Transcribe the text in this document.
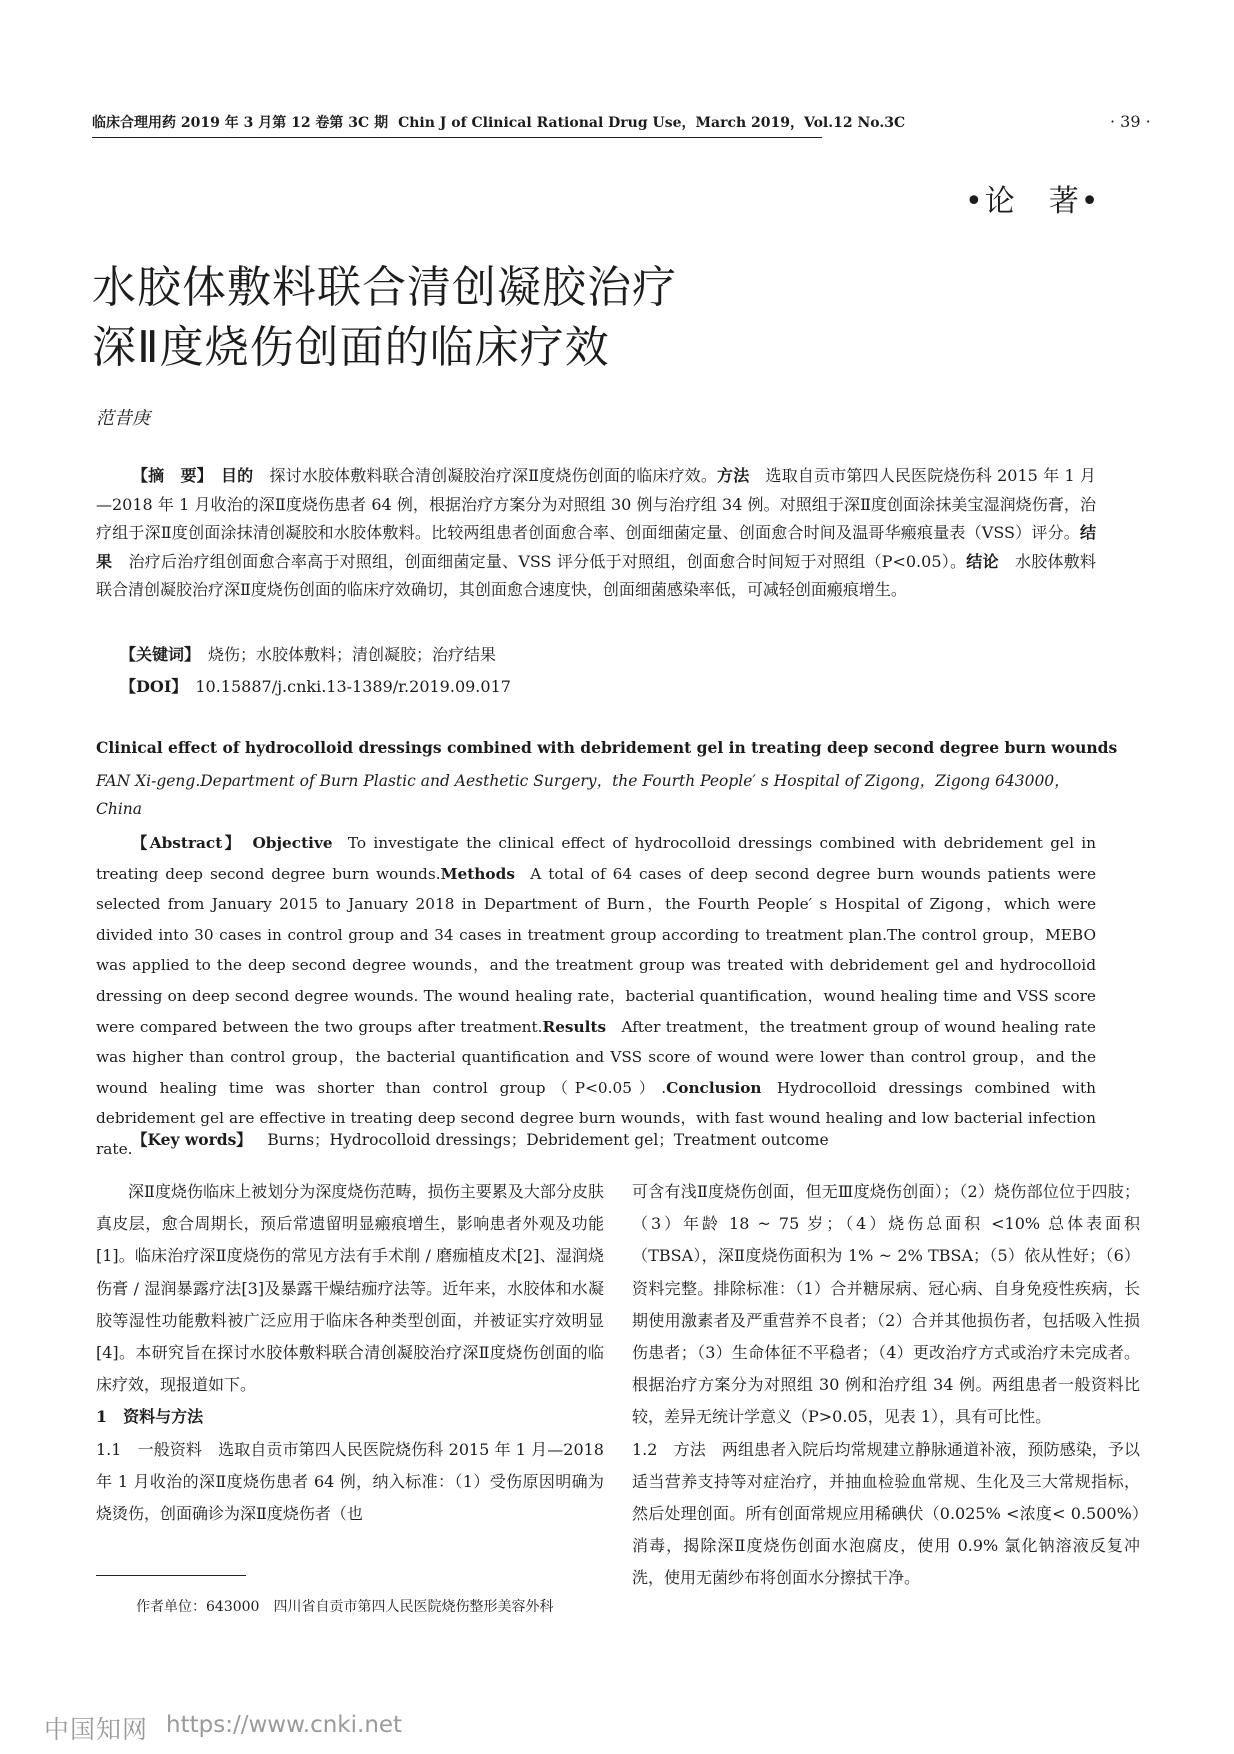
临床合理用药 2019 年 3 月第 12 卷第 3C 期 Chin J of Clinical Rational Drug Use，March 2019，Vol.12 No.3C	· 39 ·
•论　著•
水胶体敷料联合清创凝胶治疗
深Ⅱ度烧伤创面的临床疗效
范昔庚
【摘　要】　 目的　 探讨水胶体敷料联合清创凝胶治疗深Ⅱ度烧伤创面的临床疗效。方法　 选取自贡市第四人民医院烧伤科 2015 年 1 月—2018 年 1 月收治的深Ⅱ度烧伤患者 64 例，根据治疗方案分为对照组 30 例与治疗组 34 例。对照组于深Ⅱ度创面涂抹美宝湿润烧伤膏，治疗组于深Ⅱ度创面涂抹清创凝胶和水胶体敷料。比较两组患者创面愈合率、创面细菌定量、创面愈合时间及温哥华瘢痕量表（VSS）评分。结果　 治疗后治疗组创面愈合率高于对照组，创面细菌定量、VSS 评分低于对照组，创面愈合时间短于对照组（P<0.05）。结论　 水胶体敷料联合清创凝胶治疗深Ⅱ度烧伤创面的临床疗效确切，其创面愈合速度快，创面细菌感染率低，可减轻创面瘢痕增生。
　　【关键词】　 烧伤；水胶体敷料；清创凝胶；治疗结果
　　【DOI】　 10.15887/j.cnki.13-1389/r.2019.09.017
Clinical effect of hydrocolloid dressings combined with debridement gel in treating deep second degree burn wounds
FAN Xi-geng.Department of Burn Plastic and Aesthetic Surgery，the Fourth People′ s Hospital of Zigong，Zigong 643000，China
【Abstract】　 Objective  To investigate the clinical effect of hydrocolloid dressings combined with debridement gel in treating deep second degree burn wounds.Methods  A total of 64 cases of deep second degree burn wounds patients were selected from January 2015 to January 2018 in Department of Burn，the Fourth People′ s Hospital of Zigong，which were divided into 30 cases in control group and 34 cases in treatment group according to treatment plan.The control group，MEBO was applied to the deep second degree wounds，and the treatment group was treated with debridement gel and hydrocolloid dressing on deep second degree wounds. The wound healing rate，bacterial quantification，wound healing time and VSS score were compared between the two groups after treatment.Results  After treatment，the treatment group of wound healing rate was higher than control group，the bacterial quantification and VSS score of wound were lower than control group，and the wound healing time was shorter than control group（P<0.05）.Conclusion  Hydrocolloid dressings combined with debridement gel are effective in treating deep second degree burn wounds，with fast wound healing and low bacterial infection rate. 【Key words】  Burns；Hydrocolloid dressings；Debridement gel；Treatment outcome

深Ⅱ度烧伤临床上被划分为深度烧伤范畴，损伤主要累及大部分皮肤真皮层，愈合周期长，预后常遗留明显瘢痕增生，影响患者外观及功能[1]。临床治疗深Ⅱ度烧伤的常见方法有手术削 / 磨痂植皮术[2]、湿润烧伤膏 / 湿润暴露疗法[3]及暴露干燥结痂疗法等。近年来，水胶体和水凝胶等湿性功能敷料被广泛应用于临床各种类型创面，并被证实疗效明显[4]。本研究旨在探讨水胶体敷料联合清创凝胶治疗深Ⅱ度烧伤创面的临床疗效，现报道如下。

1　资料与方法

1.1　一般资料　 选取自贡市第四人民医院烧伤科 2015 年 1 月—2018 年 1 月收治的深Ⅱ度烧伤患者 64 例，纳入标准：（1）受伤原因明确为烧烫伤，创面确诊为深Ⅱ度烧伤者（也

可含有浅Ⅱ度烧伤创面，但无Ⅲ度烧伤创面）；（2）烧伤部位位于四肢；（3）年龄 18 ~ 75 岁；（4）烧伤总面积 <10% 总体表面积（TBSA），深Ⅱ度烧伤面积为 1% ~ 2% TBSA；（5）依从性好；（6）资料完整。排除标准：（1）合并糖尿病、冠心病、自身免疫性疾病，长期使用激素者及严重营养不良者；（2）合并其他损伤者，包括吸入性损伤患者；（3）生命体征不平稳者；（4）更改治疗方式或治疗未完成者。根据治疗方案分为对照组 30 例和治疗组 34 例。两组患者一般资料比较，差异无统计学意义（P>0.05，见表 1），具有可比性。

1.2　方法　 两组患者入院后均常规建立静脉通道补液，预防感染，予以适当营养支持等对症治疗，并抽血检验血常规、生化及三大常规指标，然后处理创面。所有创面常规应用稀碘伏（0.025% <浓度< 0.500%）消毒，揭除深Ⅱ度烧伤创面水泡腐皮，使用 0.9% 氯化钠溶液反复冲洗，使用无菌纱布将创面水分擦拭干净。

作者单位：643000　四川省自贡市第四人民医院烧伤整形美容外科
中国知网 https://www.cnki.net
